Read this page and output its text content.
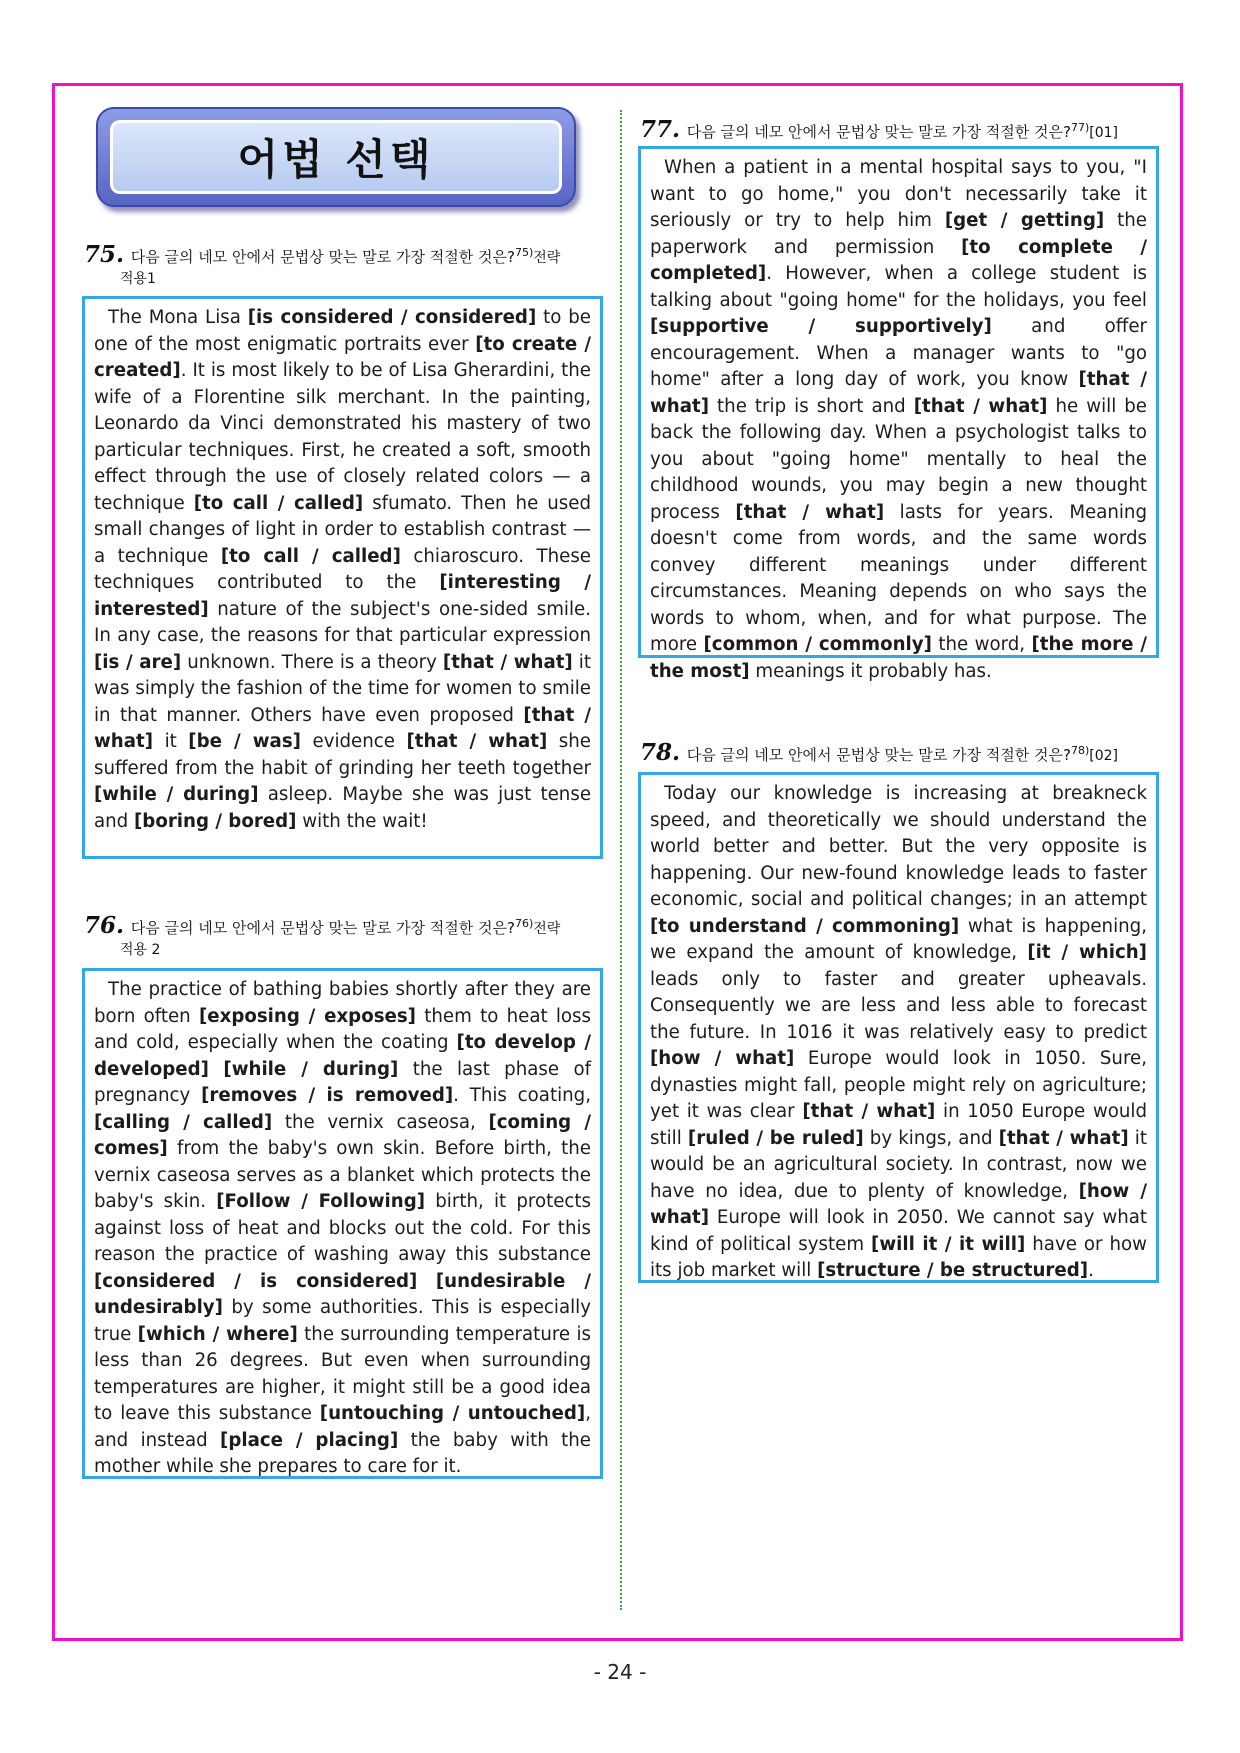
어법 선택
75. 다음 글의 네모 안에서 문법상 맞는 말로 가장 적절한 것은?$^{75)}$전략
적용1

The Mona Lisa [is considered / considered] to be one of the most enigmatic portraits ever [to create / created]. It is most likely to be of Lisa Gherardini, the wife of a Florentine silk merchant. In the painting, Leonardo da Vinci demonstrated his mastery of two particular techniques. First, he created a soft, smooth effect through the use of closely related colors — a technique [to call / called] sfumato. Then he used small changes of light in order to establish contrast — a technique [to call / called] chiaroscuro. These techniques contributed to the [interesting / interested] nature of the subject's one-sided smile. In any case, the reasons for that particular expression [is / are] unknown. There is a theory [that / what] it was simply the fashion of the time for women to smile in that manner. Others have even proposed [that / what] it [be / was] evidence [that / what] she suffered from the habit of grinding her teeth together [while / during] asleep. Maybe she was just tense and [boring / bored] with the wait!

76. 다음 글의 네모 안에서 문법상 맞는 말로 가장 적절한 것은?$^{76)}$전략
적용 2

The practice of bathing babies shortly after they are born often [exposing / exposes] them to heat loss and cold, especially when the coating [to develop / developed] [while / during] the last phase of pregnancy [removes / is removed]. This coating, [calling / called] the vernix caseosa, [coming / comes] from the baby's own skin. Before birth, the vernix caseosa serves as a blanket which protects the baby's skin. [Follow / Following] birth, it protects against loss of heat and blocks out the cold. For this reason the practice of washing away this substance [considered / is considered] [undesirable / undesirably] by some authorities. This is especially true [which / where] the surrounding temperature is less than 26 degrees. But even when surrounding temperatures are higher, it might still be a good idea to leave this substance [untouching / untouched], and instead [place / placing] the baby with the mother while she prepares to care for it.

77. 다음 글의 네모 안에서 문법상 맞는 말로 가장 적절한 것은?$^{77)}$[01]

When a patient in a mental hospital says to you, "I want to go home," you don't necessarily take it seriously or try to help him [get / getting] the paperwork and permission [to complete / completed]. However, when a college student is talking about "going home" for the holidays, you feel [supportive / supportively] and offer encouragement. When a manager wants to "go home" after a long day of work, you know [that / what] the trip is short and [that / what] he will be back the following day. When a psychologist talks to you about "going home" mentally to heal the childhood wounds, you may begin a new thought process [that / what] lasts for years. Meaning doesn't come from words, and the same words convey different meanings under different circumstances. Meaning depends on who says the words to whom, when, and for what purpose. The more [common / commonly] the word, [the more / the most] meanings it probably has.

78. 다음 글의 네모 안에서 문법상 맞는 말로 가장 적절한 것은?$^{78)}$[02]

Today our knowledge is increasing at breakneck speed, and theoretically we should understand the world better and better. But the very opposite is happening. Our new-found knowledge leads to faster economic, social and political changes; in an attempt [to understand / commoning] what is happening, we expand the amount of knowledge, [it / which] leads only to faster and greater upheavals. Consequently we are less and less able to forecast the future. In 1016 it was relatively easy to predict [how / what] Europe would look in 1050. Sure, dynasties might fall, people might rely on agriculture; yet it was clear [that / what] in 1050 Europe would still [ruled / be ruled] by kings, and [that / what] it would be an agricultural society. In contrast, now we have no idea, due to plenty of knowledge, [how / what] Europe will look in 2050. We cannot say what kind of political system [will it / it will] have or how its job market will [structure / be structured].

- 24 -
